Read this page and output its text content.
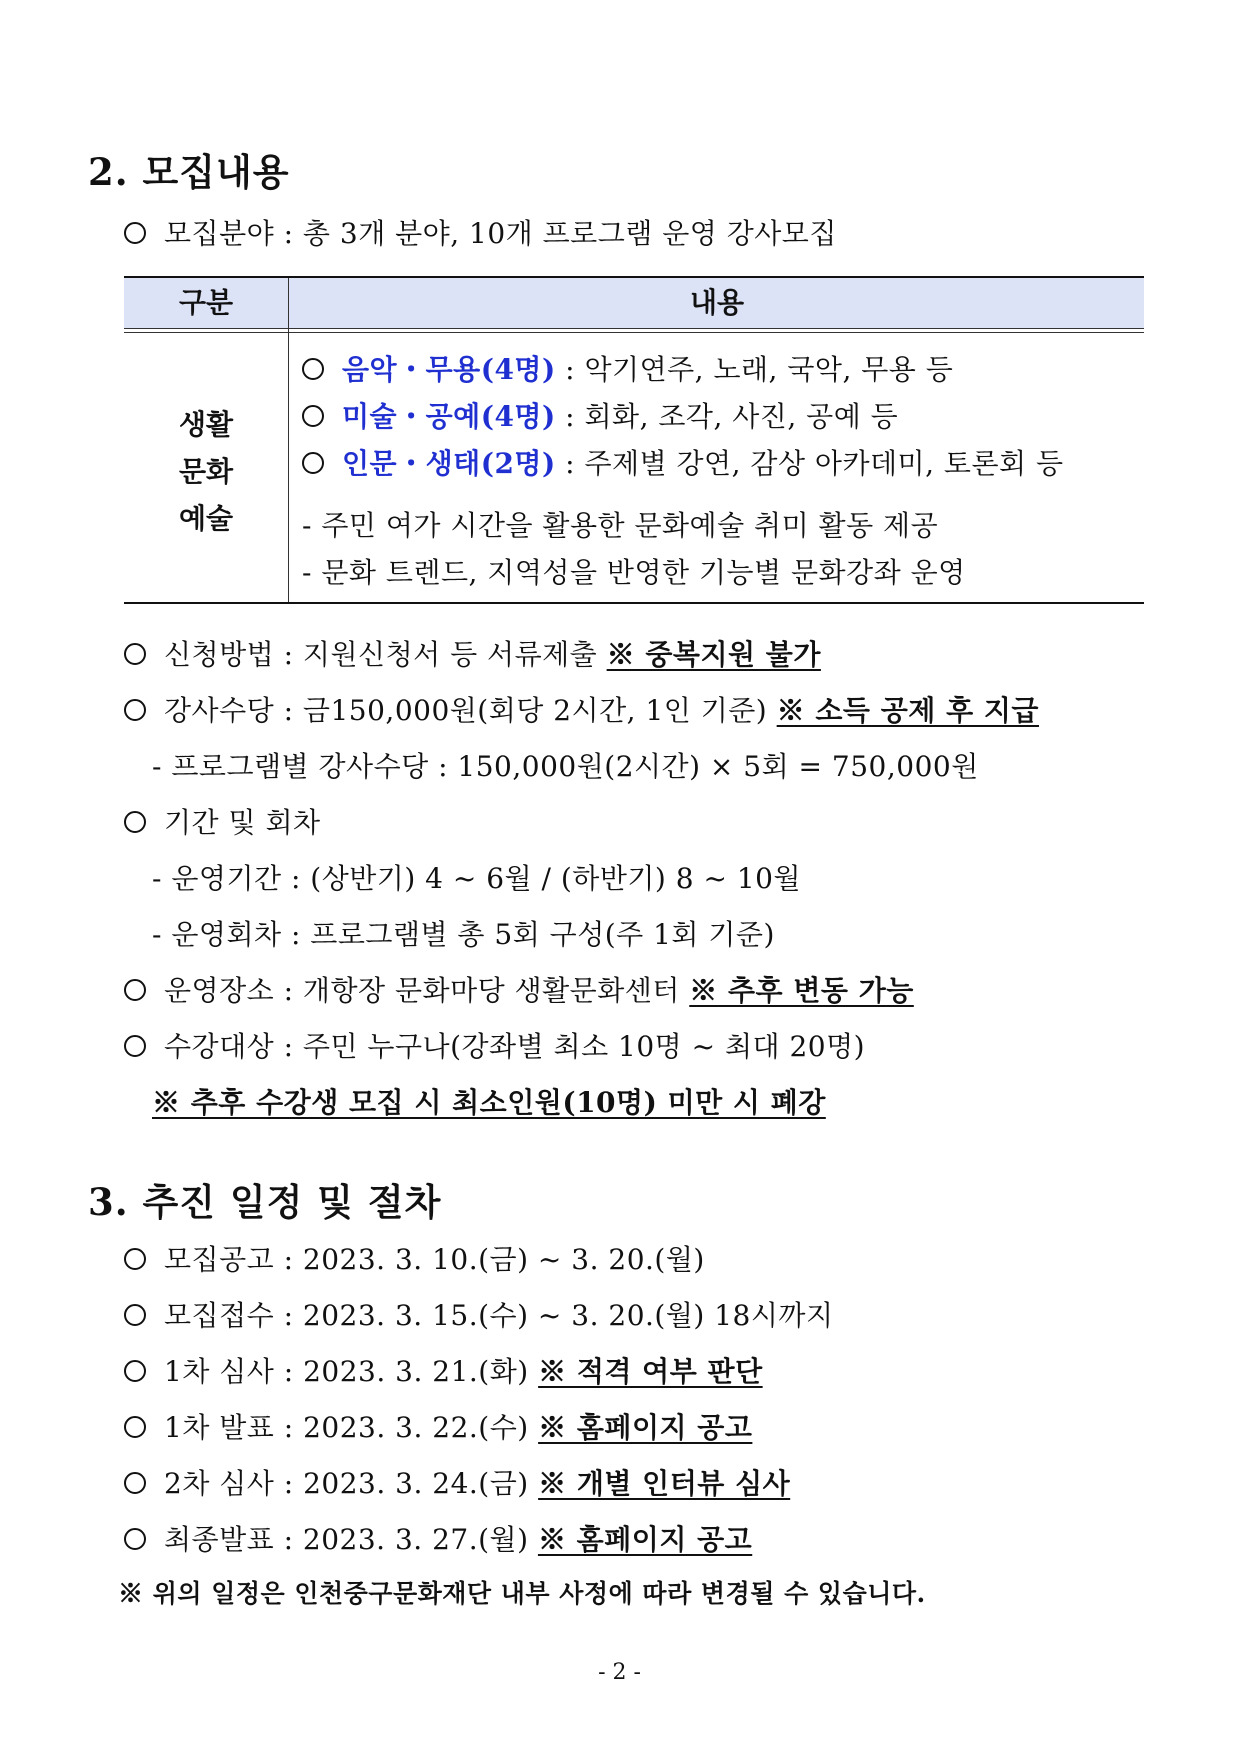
2. 모집내용
모집분야 : 총 3개 분야, 10개 프로그램 운영 강사모집
구분	내용
생활
문화
예술
음악・무용(4명) : 악기연주, 노래, 국악, 무용 등
미술・공예(4명) : 회화, 조각, 사진, 공예 등
인문・생태(2명) : 주제별 강연, 감상 아카데미, 토론회 등
- 주민 여가 시간을 활용한 문화예술 취미 활동 제공
- 문화 트렌드, 지역성을 반영한 기능별 문화강좌 운영
신청방법 : 지원신청서 등 서류제출 ※ 중복지원 불가
강사수당 : 금150,000원(회당 2시간, 1인 기준) ※ 소득 공제 후 지급
- 프로그램별 강사수당 : 150,000원(2시간) × 5회 = 750,000원
기간 및 회차
- 운영기간 : (상반기) 4 ~ 6월 / (하반기) 8 ~ 10월
- 운영회차 : 프로그램별 총 5회 구성(주 1회 기준)
운영장소 : 개항장 문화마당 생활문화센터 ※ 추후 변동 가능
수강대상 : 주민 누구나(강좌별 최소 10명 ~ 최대 20명)
※ 추후 수강생 모집 시 최소인원(10명) 미만 시 폐강
3. 추진 일정 및 절차
모집공고 : 2023. 3. 10.(금) ~ 3. 20.(월)
모집접수 : 2023. 3. 15.(수) ~ 3. 20.(월) 18시까지
1차 심사 : 2023. 3. 21.(화) ※ 적격 여부 판단
1차 발표 : 2023. 3. 22.(수) ※ 홈페이지 공고
2차 심사 : 2023. 3. 24.(금) ※ 개별 인터뷰 심사
최종발표 : 2023. 3. 27.(월) ※ 홈페이지 공고
※ 위의 일정은 인천중구문화재단 내부 사정에 따라 변경될 수 있습니다.
- 2 -
